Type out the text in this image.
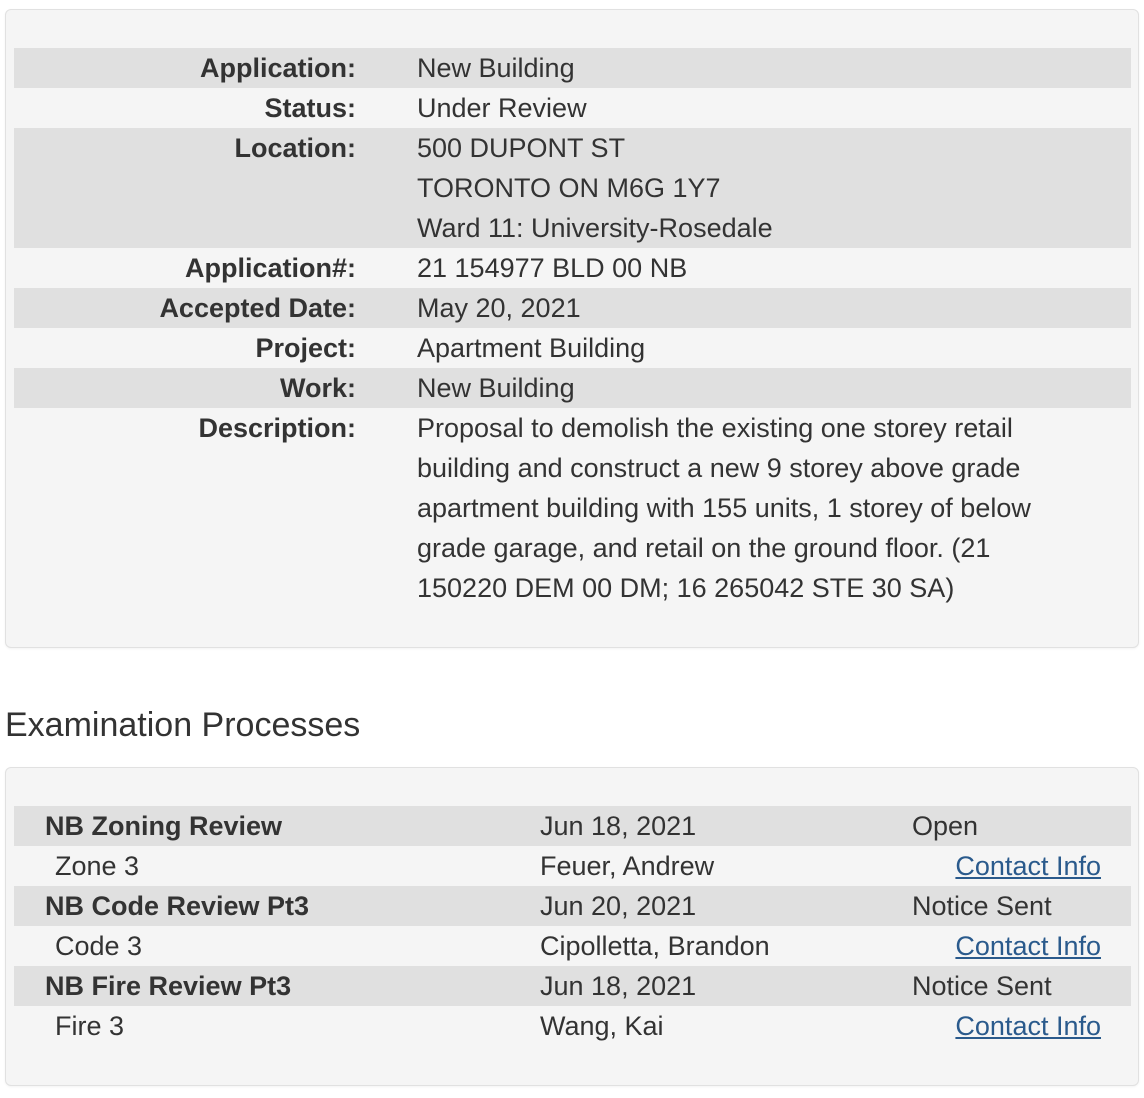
Application:	New Building

Status:	Under Review

Location:	500 DUPONT ST
TORONTO ON M6G 1Y7
Ward 11: University-Rosedale

Application#:	21 154977 BLD 00 NB

Accepted Date:	May 20, 2021

Project:	Apartment Building

Work:	New Building

Description:	Proposal to demolish the existing one storey retail
building and construct a new 9 storey above grade
apartment building with 155 units, 1 storey of below
grade garage, and retail on the ground floor. (21
150220 DEM 00 DM; 16 265042 STE 30 SA)
Examination Processes
NB Zoning Review	Jun 18, 2021	Open
Zone 3	Feuer, Andrew	Contact Info
NB Code Review Pt3	Jun 20, 2021	Notice Sent
Code 3	Cipolletta, Brandon	Contact Info
NB Fire Review Pt3	Jun 18, 2021	Notice Sent
Fire 3	Wang, Kai	Contact Info
